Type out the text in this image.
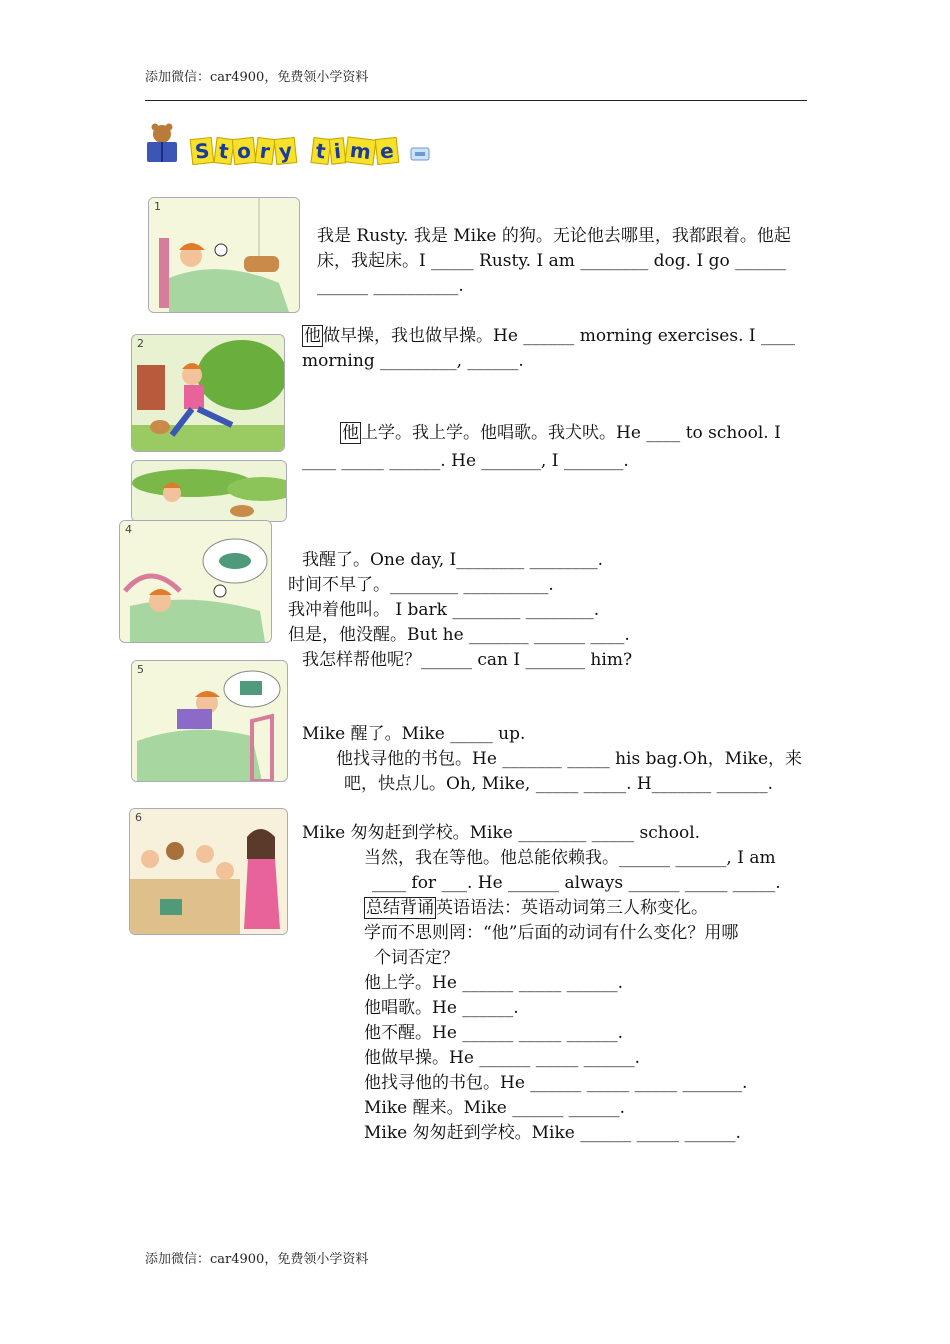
添加微信：car4900，免费领小学资料
S t o r y t i m e
1
我是 Rusty. 我是 Mike 的狗。无论他去哪里，我都跟着。他起
床，我起床。I _____ Rusty. I am ________ dog. I go ______
______ __________.
2	他 做早操，我也做早操。He ______ morning exercises. I ____
morning _________, ______.
他 上学。我上学。他唱歌。我犬吠。He ____ to school. I
____ _____ ______. He _______, I _______.
4
我醒了。One day, I________ ________.
时间不早了。________ __________.
我冲着他叫。 I bark ________ ________.
但是，他没醒。But he _______ ______ ____.
我怎样帮他呢？______ can I _______ him?
5
Mike 醒了。Mike _____ up.
他找寻他的书包。He _______ _____ his bag.Oh，Mike，来
吧，快点儿。Oh, Mike, _____ _____. H_______ ______.
6
Mike 匆匆赶到学校。Mike ________ _____ school.
当然，我在等他。他总能依赖我。______ ______, I am
____ for ___. He ______ always ______ _____ _____.
总结背诵 英语语法：英语动词第三人称变化。
学而不思则罔：“他”后面的动词有什么变化？用哪
个词否定？
他上学。He ______ _____ ______.
他唱歌。He ______.
他不醒。He ______ _____ ______.
他做早操。He ______ _____ ______.
他找寻他的书包。He ______ _____ _____ _______.
Mike 醒来。Mike ______ ______.
Mike 匆匆赶到学校。Mike ______ _____ ______.
添加微信：car4900，免费领小学资料
